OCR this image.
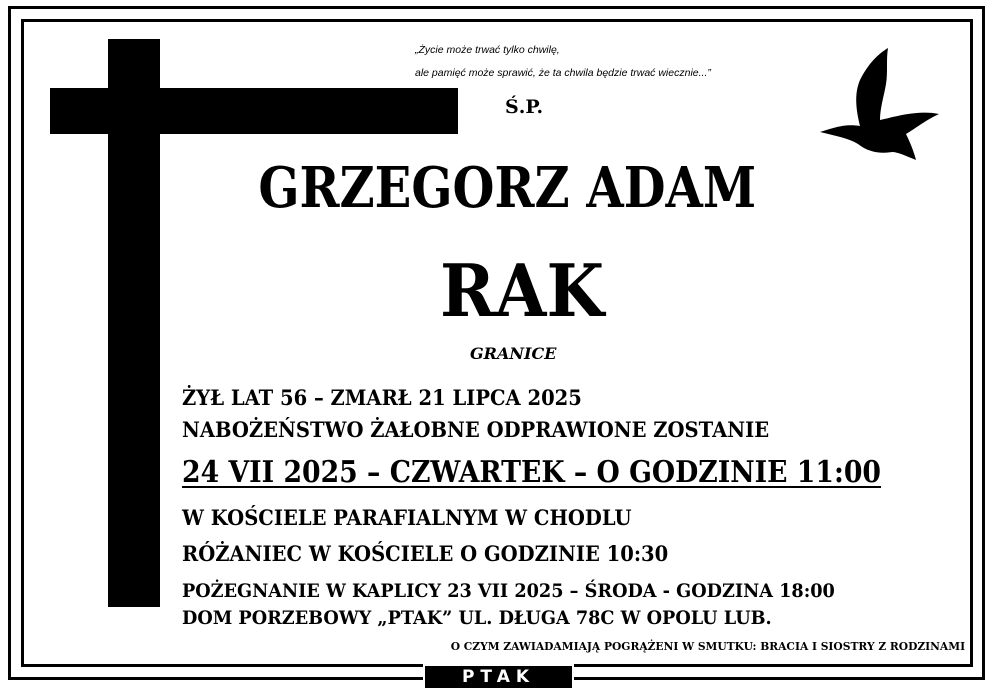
„Życie może trwać tylko chwilę,
ale pamięć może sprawić, że ta chwila będzie trwać wiecznie...”
Ś.P.
GRZEGORZ ADAM
RAK
GRANICE
ŻYŁ LAT 56 – ZMARŁ 21 LIPCA 2025
NABOŻEŃSTWO ŻAŁOBNE ODPRAWIONE ZOSTANIE
24 VII 2025 – CZWARTEK – O GODZINIE 11:00
W KOŚCIELE PARAFIALNYM W CHODLU
RÓŻANIEC W KOŚCIELE O GODZINIE 10:30
POŻEGNANIE W KAPLICY 23 VII 2025 – ŚRODA - GODZINA 18:00
DOM PORZEBOWY „PTAK” UL. DŁUGA 78C W OPOLU LUB.
O CZYM ZAWIADAMIAJĄ POGRĄŻENI W SMUTKU: BRACIA I SIOSTRY Z RODZINAMI
PTAK
